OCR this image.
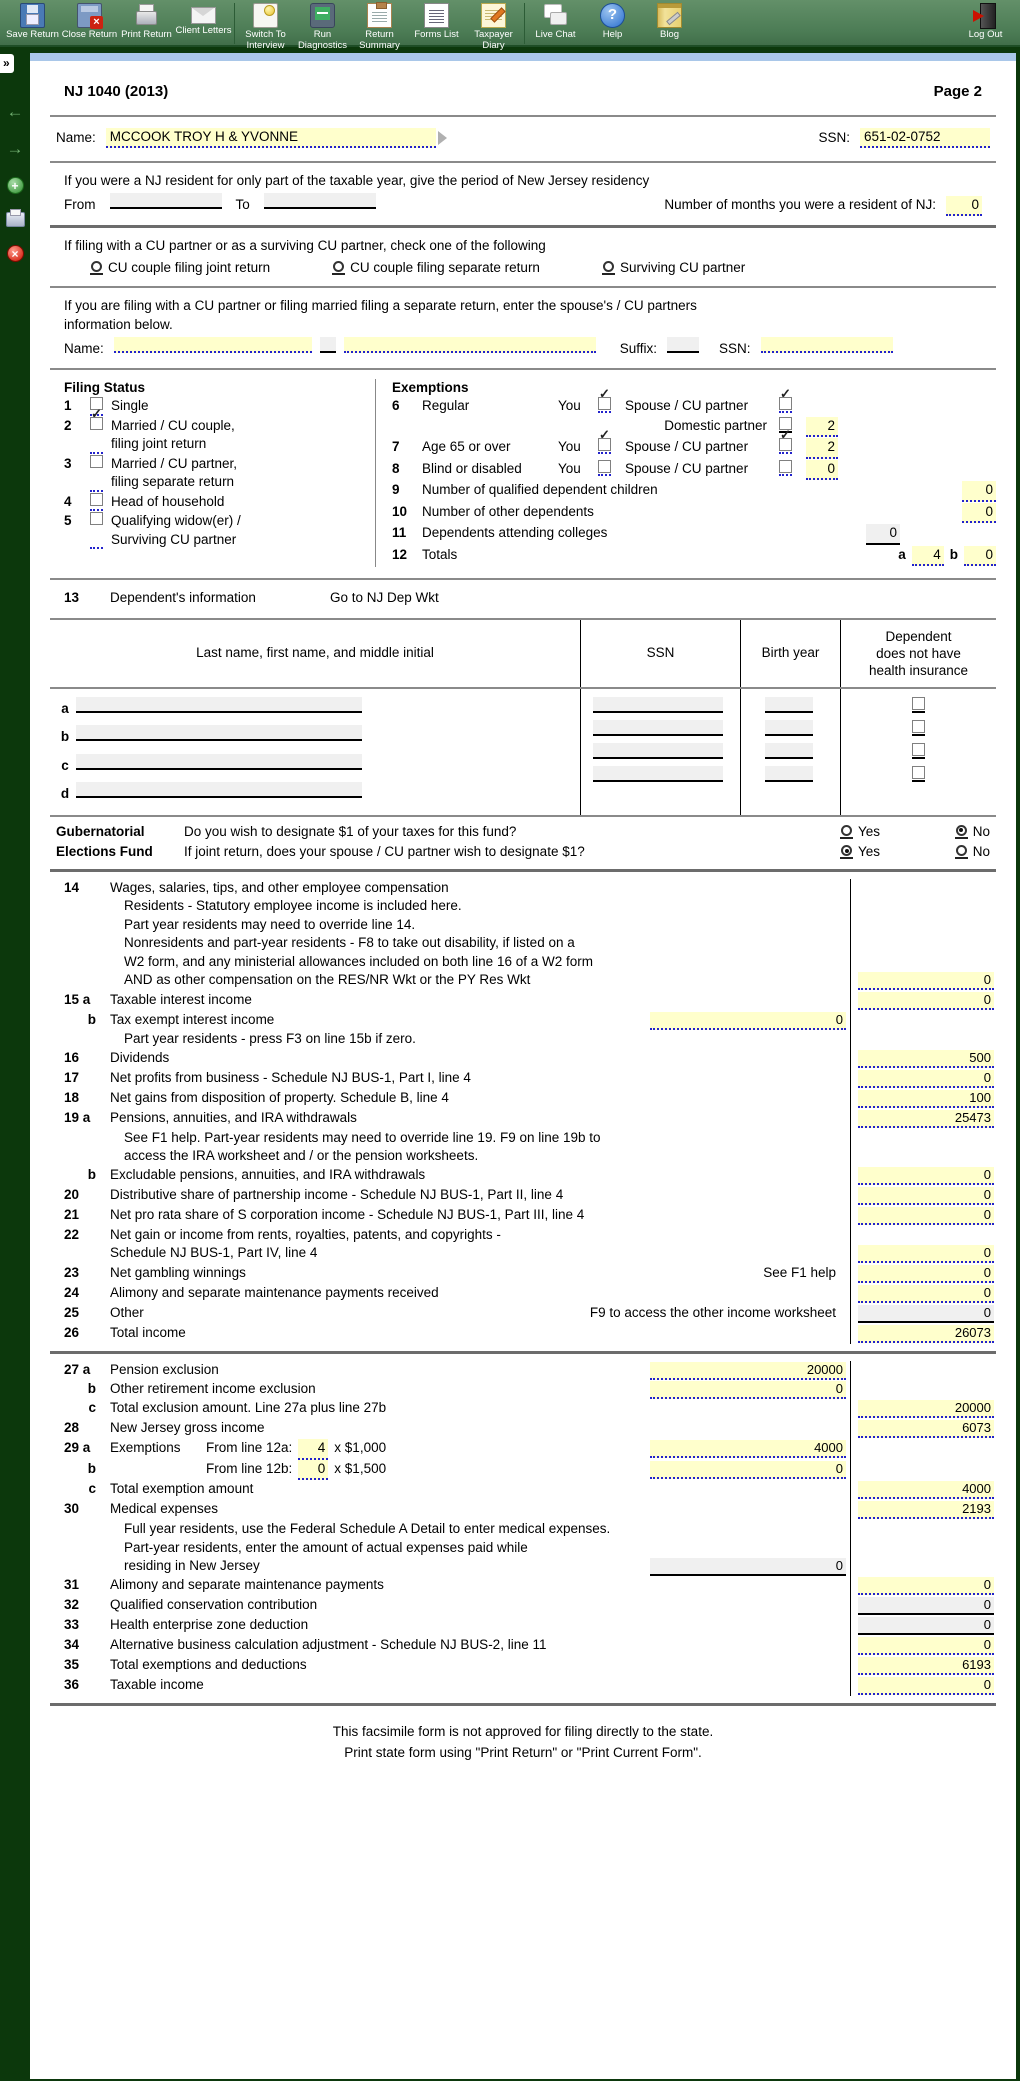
Save Return
× Close Return Print Return Client Letters	Switch To Interview
Run Diagnostics
Return Summary
Forms List	Taxpayer Diary
Live Chat
?	Help	Blog	Log Out
»
←
→
+
×
NJ 1040 (2013)	Page 2
Name: MCCOOK TROY H & YVONNE	SSN: 651-02-0752
If you were a NJ resident for only part of the taxable year, give the period of New Jersey residency
From	To	Number of months you were a resident of NJ:	0
If filing with a CU partner or as a surviving CU partner, check one of the following
CU couple filing joint return	CU couple filing separate return	Surviving CU partner
If you are filing with a CU partner or filing married filing a separate return, enter the spouse's / CU partners
information below.
Name:	Suffix:	SSN:
Filing Status
1	Single
2 ✓	Married / CU couple,
filing joint return
3	Married / CU partner,
filing separate return
4	Head of household
5	Qualifying widow(er) /
Surviving CU partner
Exemptions
6	Regular	You ✓	Spouse / CU partner
✓
Domestic partner	2
7	Age 65 or over	You ✓	Spouse / CU partner ✓	2
8	Blind or disabled	You	Spouse / CU partner	0
9	Number of qualified dependent children	0
10	Number of other dependents	0
11	Dependents attending colleges	0
12	Totals	a	4 b	0
13	Dependent's information	Go to NJ Dep Wkt
Last name, first name, and middle initial	SSN	Birth year
Dependent
does not have
health insurance
a
b
c
d
Gubernatorial	Do you wish to designate $1 of your taxes for this fund?	Yes	No
Elections Fund	If joint return, does your spouse / CU partner wish to designate $1?	Yes	No
14	Wages, salaries, tips, and other employee compensation
Residents - Statutory employee income is included here.
Part year residents may need to override line 14.
Nonresidents and part-year residents - F8 to take out disability, if listed on a
W2 form, and any ministerial allowances included on both line 16 of a W2 form
AND as other compensation on the RES/NR Wkt or the PY Res Wkt	0
15 a	Taxable interest income	0
b	Tax exempt interest income	0
Part year residents - press F3 on line 15b if zero.
16	Dividends	500
17	Net profits from business - Schedule NJ BUS-1, Part I, line 4	0
18	Net gains from disposition of property. Schedule B, line 4	100
19 a	Pensions, annuities, and IRA withdrawals	25473
See F1 help. Part-year residents may need to override line 19. F9 on line 19b to
access the IRA worksheet and / or the pension worksheets.
b	Excludable pensions, annuities, and IRA withdrawals	0
20	Distributive share of partnership income - Schedule NJ BUS-1, Part II, line 4	0
21	Net pro rata share of S corporation income - Schedule NJ BUS-1, Part III, line 4	0
22	Net gain or income from rents, royalties, patents, and copyrights -
Schedule NJ BUS-1, Part IV, line 4	0
23	Net gambling winnings	See F1 help	0
24	Alimony and separate maintenance payments received	0
25	Other	F9 to access the other income worksheet	0
26	Total income	26073
27 a	Pension exclusion	20000
b	Other retirement income exclusion	0
c	Total exclusion amount. Line 27a plus line 27b	20000
28	New Jersey gross income	6073
29 a	Exemptions	From line 12a:	4 x $1,000	4000
b	From line 12b:	0 x $1,500	0
c	Total exemption amount	4000
30	Medical expenses	2193
Full year residents, use the Federal Schedule A Detail to enter medical expenses.
Part-year residents, enter the amount of actual expenses paid while
residing in New Jersey	0
31	Alimony and separate maintenance payments	0
32	Qualified conservation contribution	0
33	Health enterprise zone deduction	0
34	Alternative business calculation adjustment - Schedule NJ BUS-2, line 11	0
35	Total exemptions and deductions	6193
36	Taxable income	0
This facsimile form is not approved for filing directly to the state.
Print state form using "Print Return" or "Print Current Form".
